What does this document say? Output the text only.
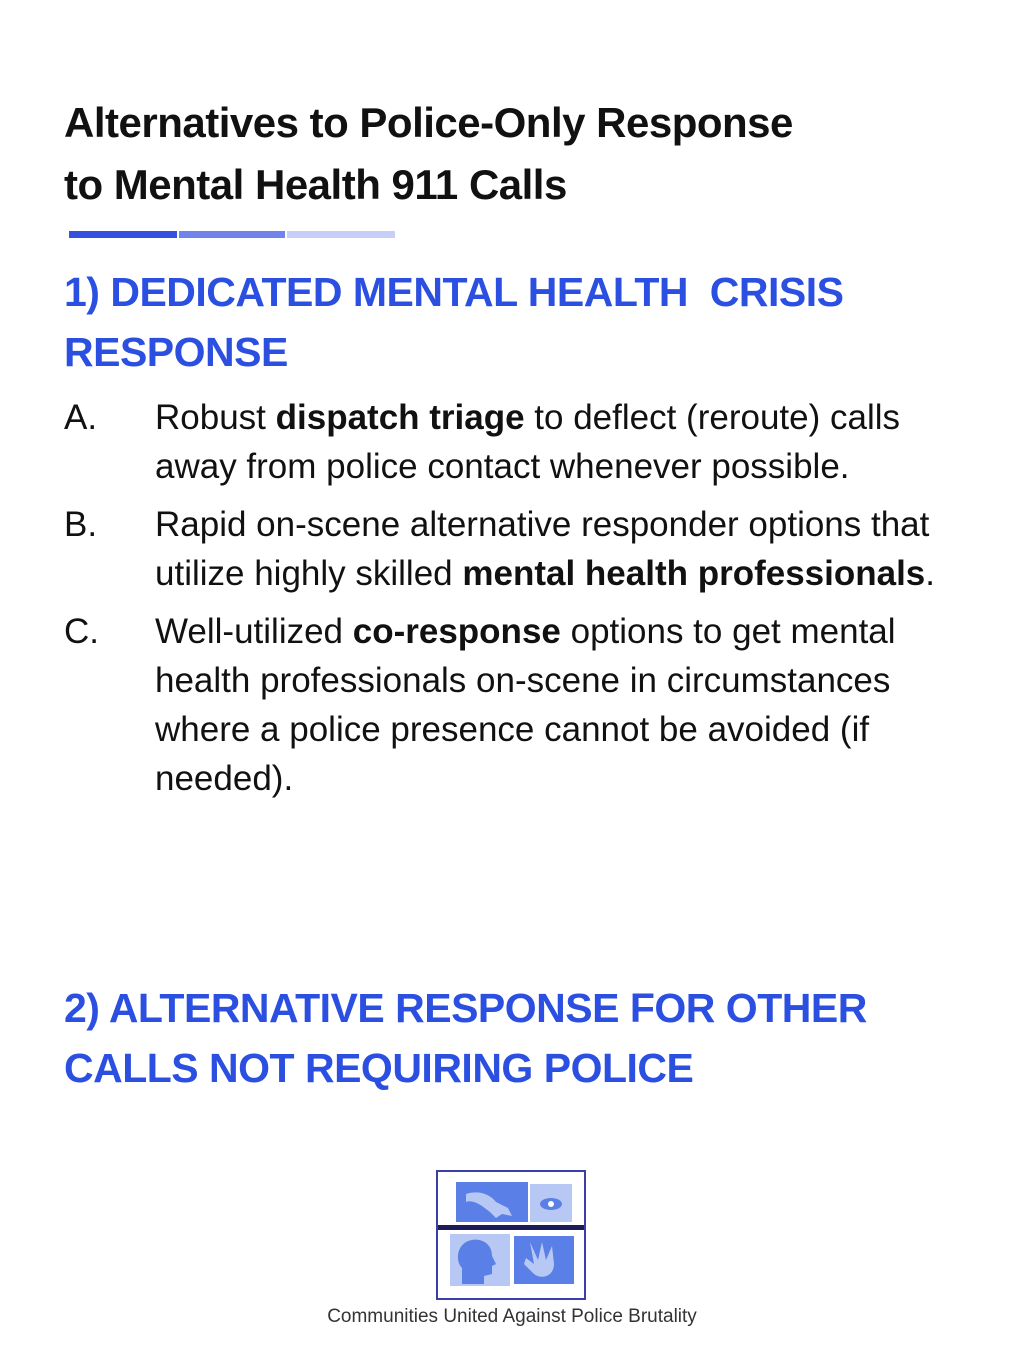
Alternatives to Police-Only Response
to Mental Health 911 Calls
1) DEDICATED MENTAL HEALTH  CRISIS
RESPONSE
A.	Robust dispatch triage to deflect (reroute) calls away from police contact whenever possible.
B.	Rapid on-scene alternative responder options that utilize highly skilled mental health professionals.
C.	Well-utilized co-response options to get mental health professionals on-scene in circumstances where a police presence cannot be avoided (if needed).
2) ALTERNATIVE RESPONSE FOR OTHER
CALLS NOT REQUIRING POLICE

Communities United Against Police Brutality
